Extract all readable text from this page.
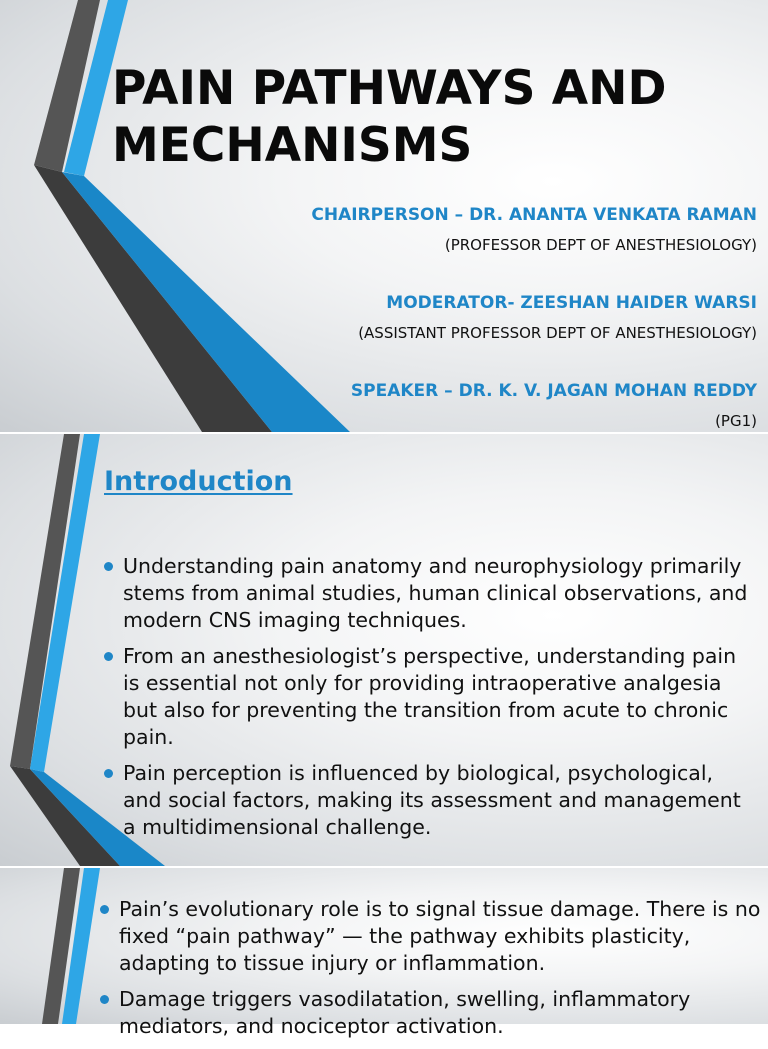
PAIN PATHWAYS AND MECHANISMS
CHAIRPERSON – DR. ANANTA VENKATA RAMAN
(PROFESSOR DEPT OF ANESTHESIOLOGY)
MODERATOR- ZEESHAN HAIDER WARSI
(ASSISTANT PROFESSOR DEPT OF ANESTHESIOLOGY)
SPEAKER – DR. K. V. JAGAN MOHAN REDDY
(PG1)
Introduction
Understanding pain anatomy and neurophysiology primarily stems from animal studies, human clinical observations, and modern CNS imaging techniques.
From an anesthesiologist’s perspective, understanding pain is essential not only for providing intraoperative analgesia but also for preventing the transition from acute to chronic pain.
Pain perception is influenced by biological, psychological, and social factors, making its assessment and management a multidimensional challenge.
Pain’s evolutionary role is to signal tissue damage. There is no fixed “pain pathway” — the pathway exhibits plasticity, adapting to tissue injury or inflammation.
Damage triggers vasodilatation, swelling, inflammatory mediators, and nociceptor activation.
